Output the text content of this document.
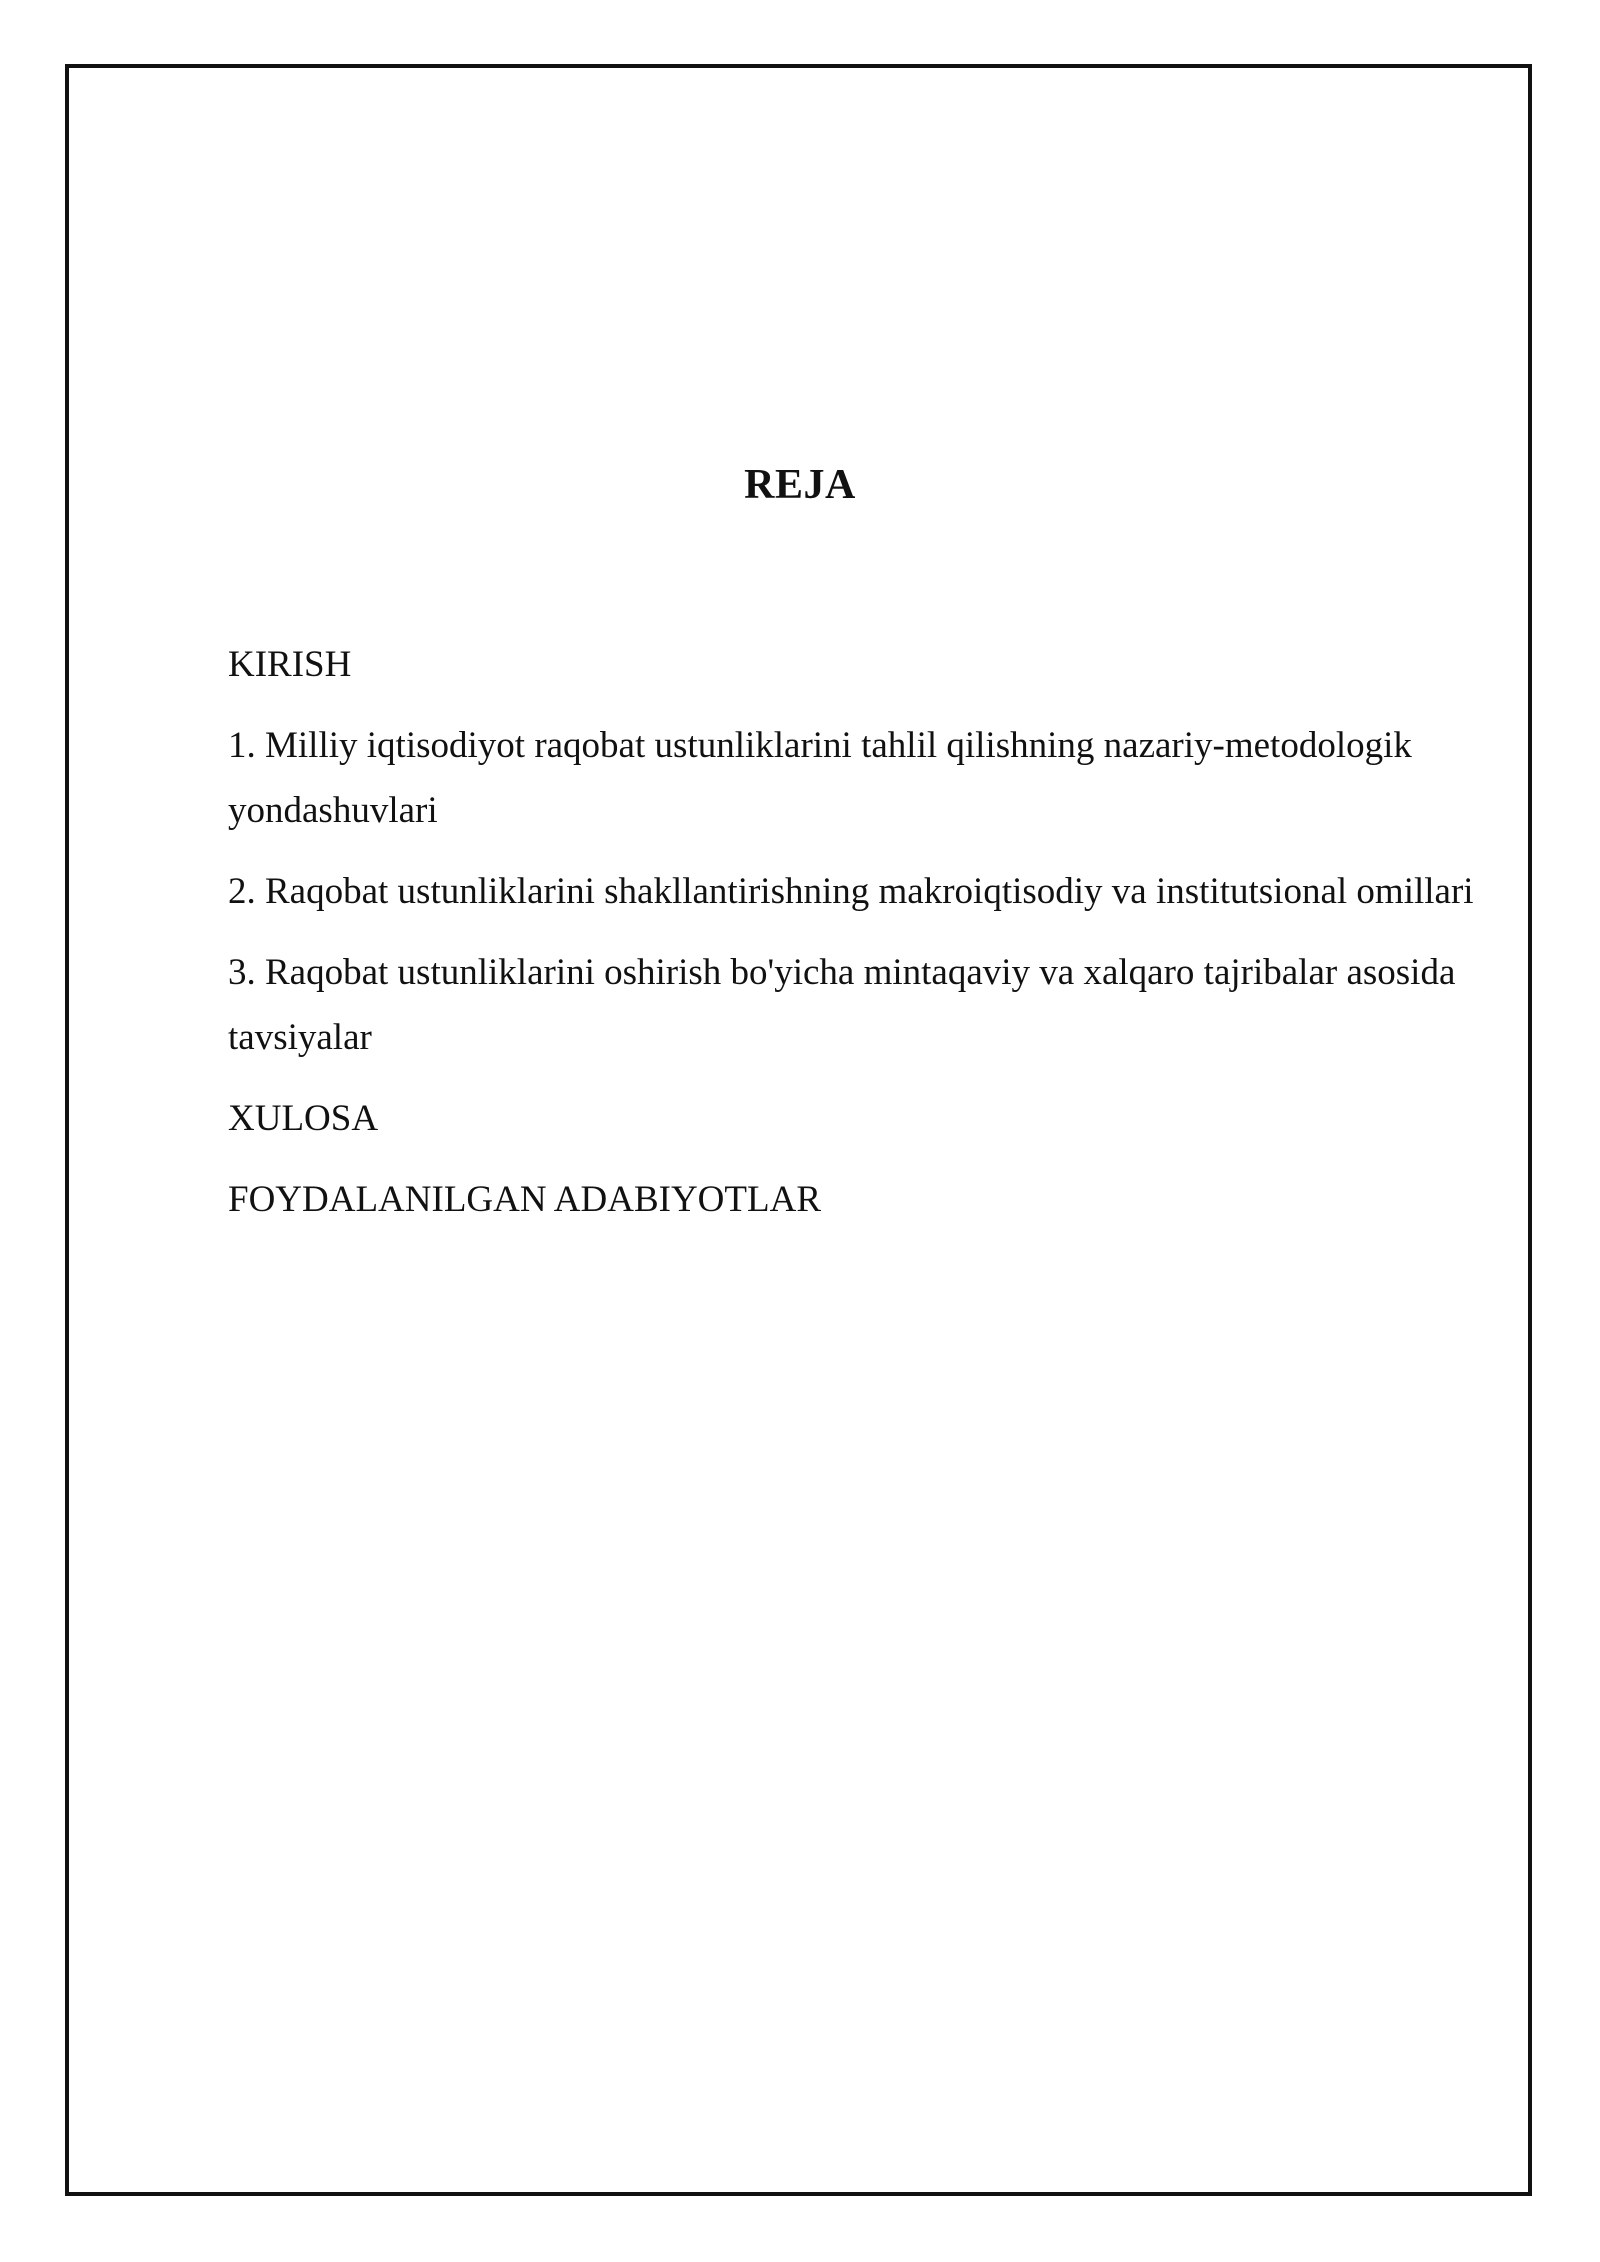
REJA
KIRISH
1. Milliy iqtisodiyot raqobat ustunliklarini tahlil qilishning nazariy-metodologik yondashuvlari
2. Raqobat ustunliklarini shakllantirishning makroiqtisodiy va institutsional omillari
3. Raqobat ustunliklarini oshirish bo'yicha mintaqaviy va xalqaro tajribalar asosida tavsiyalar
XULOSA
FOYDALANILGAN ADABIYOTLAR
